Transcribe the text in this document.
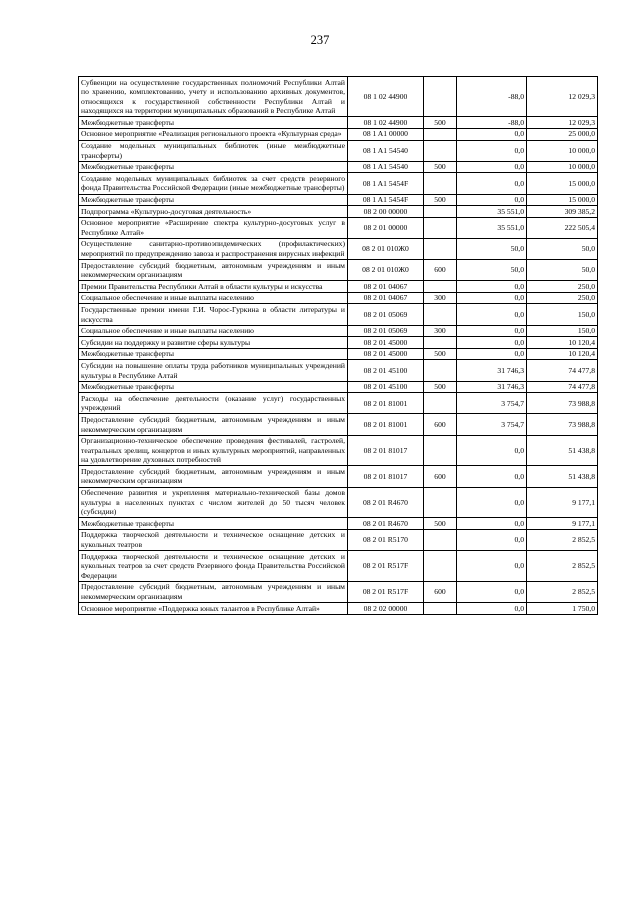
237
Субвенции на осуществление государственных полномочий Республики Алтай по хранению, комплектованию, учету и использованию архивных документов, относящихся к государственной собственности Республики Алтай и находящихся на территории муниципальных образований в Республике Алтай	08 1 02 44900		-88,0	12 029,3
Межбюджетные трансферты	08 1 02 44900	500	-88,0	12 029,3
Основное мероприятие «Реализация регионального проекта «Культурная среда»	08 1 A1 00000		0,0	25 000,0
Создание модельных муниципальных библиотек (иные межбюджетные трансферты)	08 1 A1 54540		0,0	10 000,0
Межбюджетные трансферты	08 1 A1 54540	500	0,0	10 000,0
Создание модельных муниципальных библиотек за счет средств резервного фонда Правительства Российской Федерации (иные межбюджетные трансферты)	08 1 A1 5454F		0,0	15 000,0
Межбюджетные трансферты	08 1 A1 5454F	500	0,0	15 000,0
Подпрограмма «Культурно-досуговая деятельность»	08 2 00 00000		35 551,0	309 385,2
Основное мероприятие «Расширение спектра культурно-досуговых услуг в Республике Алтай»	08 2 01 00000		35 551,0	222 505,4
Осуществление санитарно-противоэпидемических (профилактических) мероприятий по предупреждению завоза и распространения вирусных инфекций	08 2 01 010Ж0		50,0	50,0
Предоставление субсидий бюджетным, автономным учреждениям и иным некоммерческим организациям	08 2 01 010Ж0	600	50,0	50,0
Премии Правительства Республики Алтай в области культуры и искусства	08 2 01 04067		0,0	250,0
Социальное обеспечение и иные выплаты населению	08 2 01 04067	300	0,0	250,0
Государственные премии имени Г.И. Чорос-Гуркина в области литературы и искусства	08 2 01 05069		0,0	150,0
Социальное обеспечение и иные выплаты населению	08 2 01 05069	300	0,0	150,0
Субсидии на поддержку и развитие сферы культуры	08 2 01 45000		0,0	10 120,4
Межбюджетные трансферты	08 2 01 45000	500	0,0	10 120,4
Субсидии на повышение оплаты труда работников муниципальных учреждений культуры в Республике Алтай	08 2 01 45100		31 746,3	74 477,8
Межбюджетные трансферты	08 2 01 45100	500	31 746,3	74 477,8
Расходы на обеспечение деятельности (оказание услуг) государственных учреждений	08 2 01 81001		3 754,7	73 988,8
Предоставление субсидий бюджетным, автономным учреждениям и иным некоммерческим организациям	08 2 01 81001	600	3 754,7	73 988,8
Организационно-техническое обеспечение проведения фестивалей, гастролей, театральных зрелищ, концертов и иных культурных мероприятий, направленных на удовлетворение духовных потребностей	08 2 01 81017		0,0	51 438,8
Предоставление субсидий бюджетным, автономным учреждениям и иным некоммерческим организациям	08 2 01 81017	600	0,0	51 438,8
Обеспечение развития и укрепления материально-технической базы домов культуры в населенных пунктах с числом жителей до 50 тысяч человек (субсидии)	08 2 01 R4670		0,0	9 177,1
Межбюджетные трансферты	08 2 01 R4670	500	0,0	9 177,1
Поддержка творческой деятельности и техническое оснащение детских и кукольных театров	08 2 01 R5170		0,0	2 852,5
Поддержка творческой деятельности и техническое оснащение детских и кукольных театров за счет средств Резервного фонда Правительства Российской Федерации	08 2 01 R517F		0,0	2 852,5
Предоставление субсидий бюджетным, автономным учреждениям и иным некоммерческим организациям	08 2 01 R517F	600	0,0	2 852,5
Основное мероприятие «Поддержка юных талантов в Республике Алтай»	08 2 02 00000		0,0	1 750,0
